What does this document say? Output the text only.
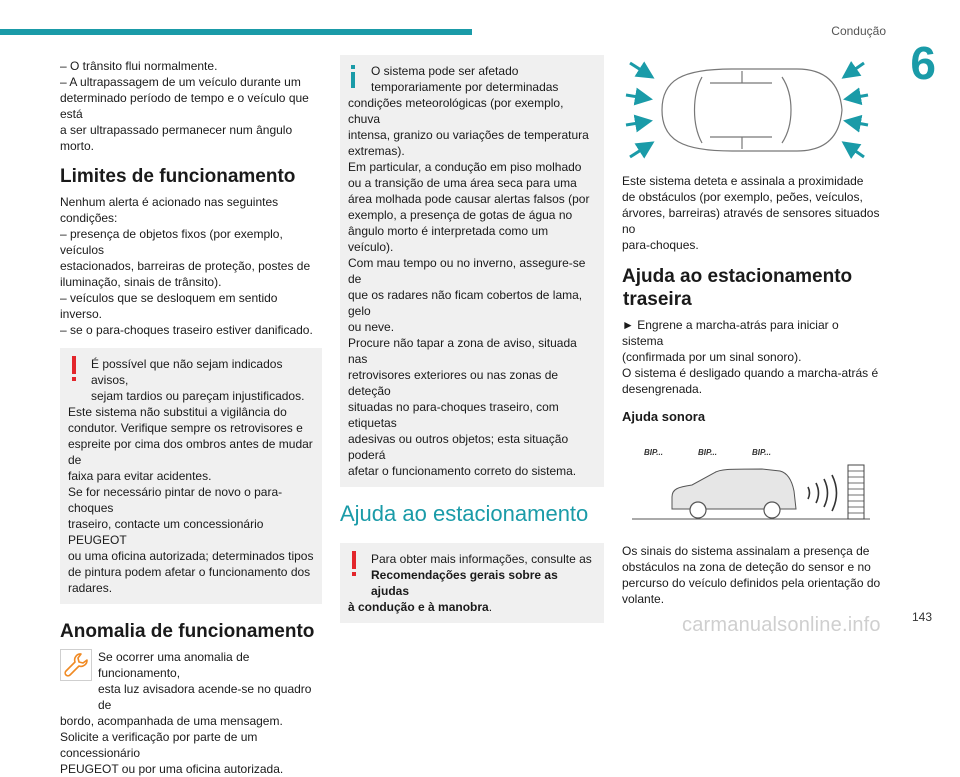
Condução
6
– O trânsito flui normalmente.
– A ultrapassagem de um veículo durante um
determinado período de tempo e o veículo que está
a ser ultrapassado permanecer num ângulo morto.
Limites de funcionamento
Nenhum alerta é acionado nas seguintes condições:
– presença de objetos fixos (por exemplo, veículos
estacionados, barreiras de proteção, postes de
iluminação, sinais de trânsito).
– veículos que se desloquem em sentido inverso.
– se o para-choques traseiro estiver danificado.
É possível que não sejam indicados avisos,
sejam tardios ou pareçam injustificados.
Este sistema não substitui a vigilância do
condutor. Verifique sempre os retrovisores e
espreite por cima dos ombros antes de mudar de
faixa para evitar acidentes.
Se for necessário pintar de novo o para-choques
traseiro, contacte um concessionário PEUGEOT
ou uma oficina autorizada; determinados tipos
de pintura podem afetar o funcionamento dos
radares.
Anomalia de funcionamento
Se ocorrer uma anomalia de funcionamento,
esta luz avisadora acende-se no quadro de
bordo, acompanhada de uma mensagem.
Solicite a verificação por parte de um concessionário
PEUGEOT ou por uma oficina autorizada.
O sistema pode ser afetado
temporariamente por determinadas
condições meteorológicas (por exemplo, chuva
intensa, granizo ou variações de temperatura
extremas).
Em particular, a condução em piso molhado
ou a transição de uma área seca para uma
área molhada pode causar alertas falsos (por
exemplo, a presença de gotas de água no
ângulo morto é interpretada como um veículo).
Com mau tempo ou no inverno, assegure-se de
que os radares não ficam cobertos de lama, gelo
ou neve.
Procure não tapar a zona de aviso, situada nas
retrovisores exteriores ou nas zonas de deteção
situadas no para-choques traseiro, com etiquetas
adesivas ou outros objetos; esta situação poderá
afetar o funcionamento correto do sistema.
Ajuda ao estacionamento
Para obter mais informações, consulte as
Recomendações gerais sobre as ajudas
à condução e à manobra.
Este sistema deteta e assinala a proximidade
de obstáculos (por exemplo, peões, veículos,
árvores, barreiras) através de sensores situados no
para-choques.
Ajuda ao estacionamento
traseira
► Engrene a marcha-atrás para iniciar o sistema
(confirmada por um sinal sonoro).
O sistema é desligado quando a marcha-atrás é
desengrenada.
Ajuda sonora
BIP...	BIP...	BIP...
Os sinais do sistema assinalam a presença de
obstáculos na zona de deteção do sensor e no
percurso do veículo definidos pela orientação do
volante.
carmanualsonline.info	143
